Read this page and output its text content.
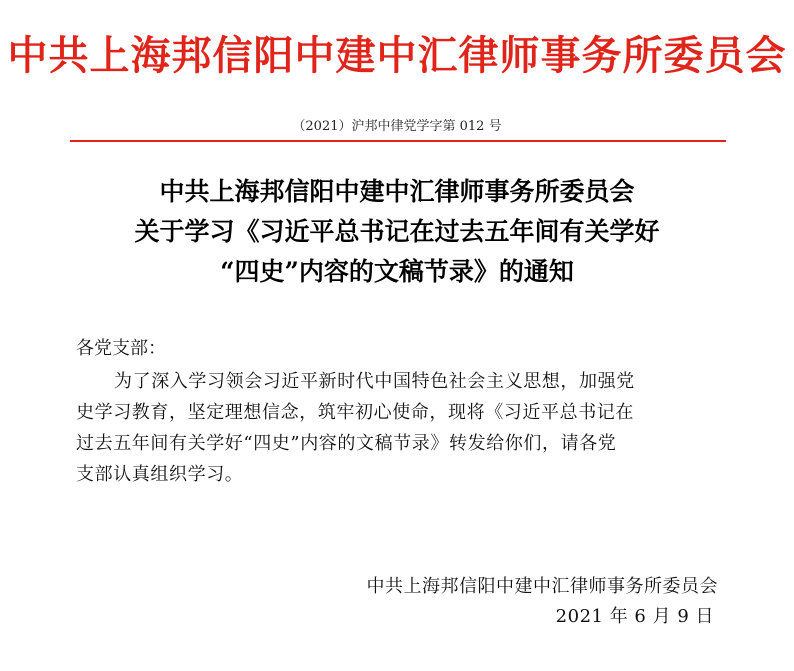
中共上海邦信阳中建中汇律师事务所委员会
（2021）沪邦中律党学字第 012 号
中共上海邦信阳中建中汇律师事务所委员会
关于学习《习近平总书记在过去五年间有关学好
“四史”内容的文稿节录》的通知
各党支部：
为了深入学习领会习近平新时代中国特色社会主义思想，加强党
史学习教育，坚定理想信念，筑牢初心使命，现将《习近平总书记在
过去五年间有关学好“四史”内容的文稿节录》转发给你们，请各党
支部认真组织学习。
中共上海邦信阳中建中汇律师事务所委员会
2021 年 6 月 9 日
